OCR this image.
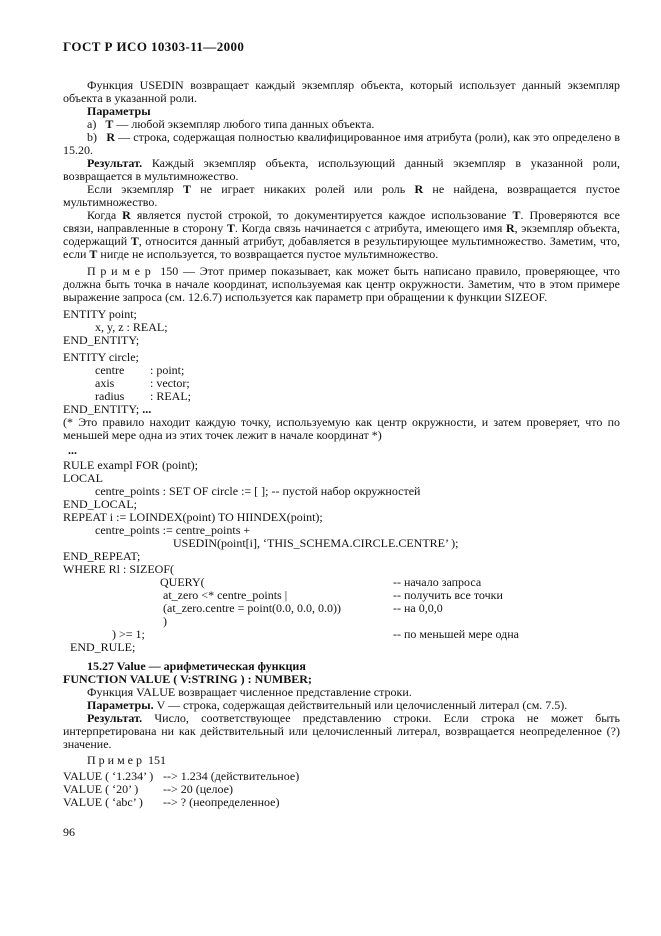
ГОСТ Р ИСО 10303-11—2000
Функция USEDIN возвращает каждый экземпляр объекта, который использует данный экземпляр объекта в указанной роли.
Параметры
a)   Т — любой экземпляр любого типа данных объекта.
b)   R — строка, содержащая полностью квалифицированное имя атрибута (роли), как это определено в 15.20.
Результат. Каждый экземпляр объекта, использующий данный экземпляр в указанной роли, возвращается в мультимножество.
Если экземпляр Т не играет никаких ролей или роль R не найдена, возвращается пустое мультимножество.
Когда R является пустой строкой, то документируется каждое использование Т. Проверяются все связи, направленные в сторону Т. Когда связь начинается с атрибута, имеющего имя R, экземпляр объекта, содержащий Т, относится данный атрибут, добавляется в результирующее мультимножество. Заметим, что, если Т нигде не используется, то возвращается пустое мультимножество.
П р и м е р  150 — Этот пример показывает, как может быть написано правило, проверяющее, что должна быть точка в начале координат, используемая как центр окружности. Заметим, что в этом примере выражение запроса (см. 12.6.7) используется как параметр при обращении к функции SIZEOF.
ENTITY point;
x, y, z : REAL;
END_ENTITY;
ENTITY circle;
centre : point;
axis	: vector;
radius : REAL;
END_ENTITY; ...
(* Это правило находит каждую точку, используемую как центр окружности, и затем проверяет, что по меньшей мере одна из этих точек лежит в начале координат *)
...
RULE exampl FOR (point);
LOCAL
centre_points : SET OF circle := [ ]; -- пустой набор окружностей
END_LOCAL;
REPEAT i := LOINDEX(point) TO HIINDEX(point);
centre_points := centre_points +
USEDIN(point[i], ‘THIS_SCHEMA.CIRCLE.CENTRE’ );
END_REPEAT;
WHERE Rl : SIZEOF(
QUERY(	-- начало запроса
at_zero <* centre_points |	-- получить все точки
(at_zero.centre = point(0.0, 0.0, 0.0))	-- на 0,0,0
)
) >= 1;	-- по меньшей мере одна
END_RULE;
15.27 Value — арифметическая функция
FUNCTION VALUE ( V:STRING ) : NUMBER;
Функция VALUE возвращает численное представление строки.
Параметры. V — строка, содержащая действительный или целочисленный литерал (см. 7.5).
Результат. Число, соответствующее представлению строки. Если строка не может быть интерпретирована ни как действительный или целочисленный литерал, возвращается неопределенное (?) значение.
П р и м е р  151
VALUE ( ‘1.234’ ) --> 1.234 (действительное)
VALUE ( ‘20’ ) --> 20 (целое)
VALUE ( ‘abc’ ) --> ? (неопределенное)
96
